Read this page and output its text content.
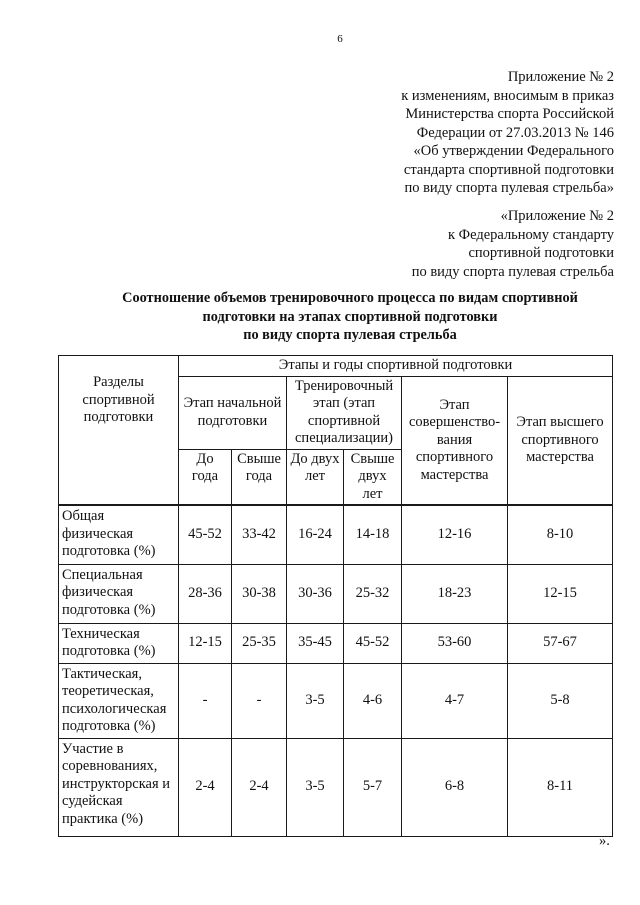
6
Приложение № 2
к изменениям, вносимым в приказ
Министерства спорта Российской
Федерации от 27.03.2013 № 146
«Об утверждении Федерального
стандарта спортивной подготовки
по виду спорта пулевая стрельба»
«Приложение № 2
к Федеральному стандарту
спортивной подготовки
по виду спорта пулевая стрельба
Соотношение объемов тренировочного процесса по видам спортивной
подготовки на этапах спортивной подготовки
по виду спорта пулевая стрельба
Разделы спортивной подготовки	Этапы и годы спортивной подготовки					
	Этап начальной подготовки		Тренировочный этап (этап спортивной специализации)		Этап совершенство-вания спортивного мастерства	Этап высшего спортивного мастерства
	До года	Свыше года	До двух лет	Свыше двух лет		
Общая физическая подготовка (%)	45-52	33-42	16-24	14-18	12-16	8-10
Специальная физическая подготовка (%)	28-36	30-38	30-36	25-32	18-23	12-15
Техническая подготовка (%)	12-15	25-35	35-45	45-52	53-60	57-67
Тактическая, теоретическая, психологическая подготовка (%)	-	-	3-5	4-6	4-7	5-8
Участие в соревнованиях, инструкторская и судейская практика (%)	2-4	2-4	3-5	5-7	6-8	8-11
».
